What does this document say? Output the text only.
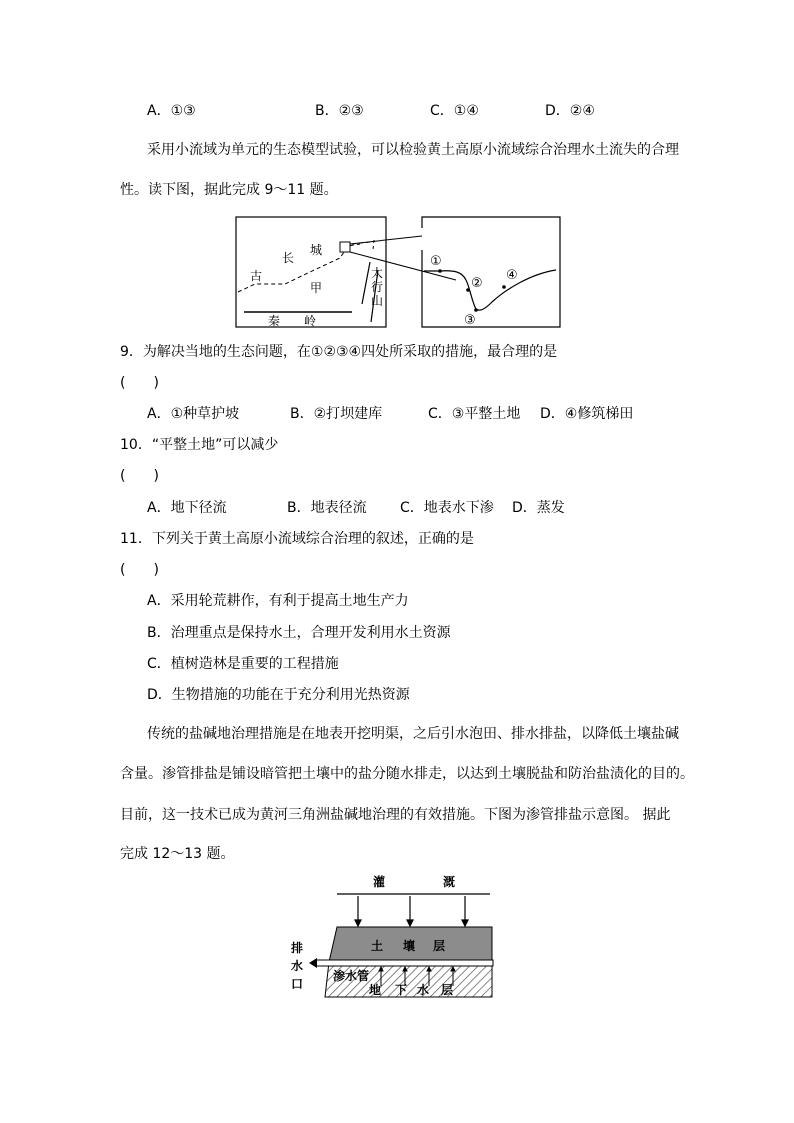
A．①③	B．②③	C．①④	D．②④
采用小流域为单元的生态模型试验，可以检验黄土高原小流域综合治理水土流失的合理
性。读下图，据此完成 9～11 题。
古
长
城
甲
太
行
山
秦 岭
①
②
③
④
9．为解决当地的生态问题，在①②③④四处所采取的措施，最合理的是
(　　)
A．①种草护坡	B．②打坝建库	C．③平整土地 D．④修筑梯田
10．“平整土地”可以减少
(　　)
A．地下径流	B．地表径流 C．地表水下渗 D．蒸发
11．下列关于黄土高原小流域综合治理的叙述，正确的是
(　　)
A．采用轮荒耕作，有利于提高土地生产力
B．治理重点是保持水土，合理开发利用水土资源
C．植树造林是重要的工程措施
D．生物措施的功能在于充分利用光热资源
传统的盐碱地治理措施是在地表开挖明渠，之后引水泡田、排水排盐，以降低土壤盐碱
含量。渗管排盐是铺设暗管把土壤中的盐分随水排走，以达到土壤脱盐和防治盐渍化的目的。
目前，这一技术已成为黄河三角洲盐碱地治理的有效措施。下图为渗管排盐示意图。 据此
完成 12～13 题。
灌	溉
土 壤 层
排
水
口
渗水管
地 下 水 层
